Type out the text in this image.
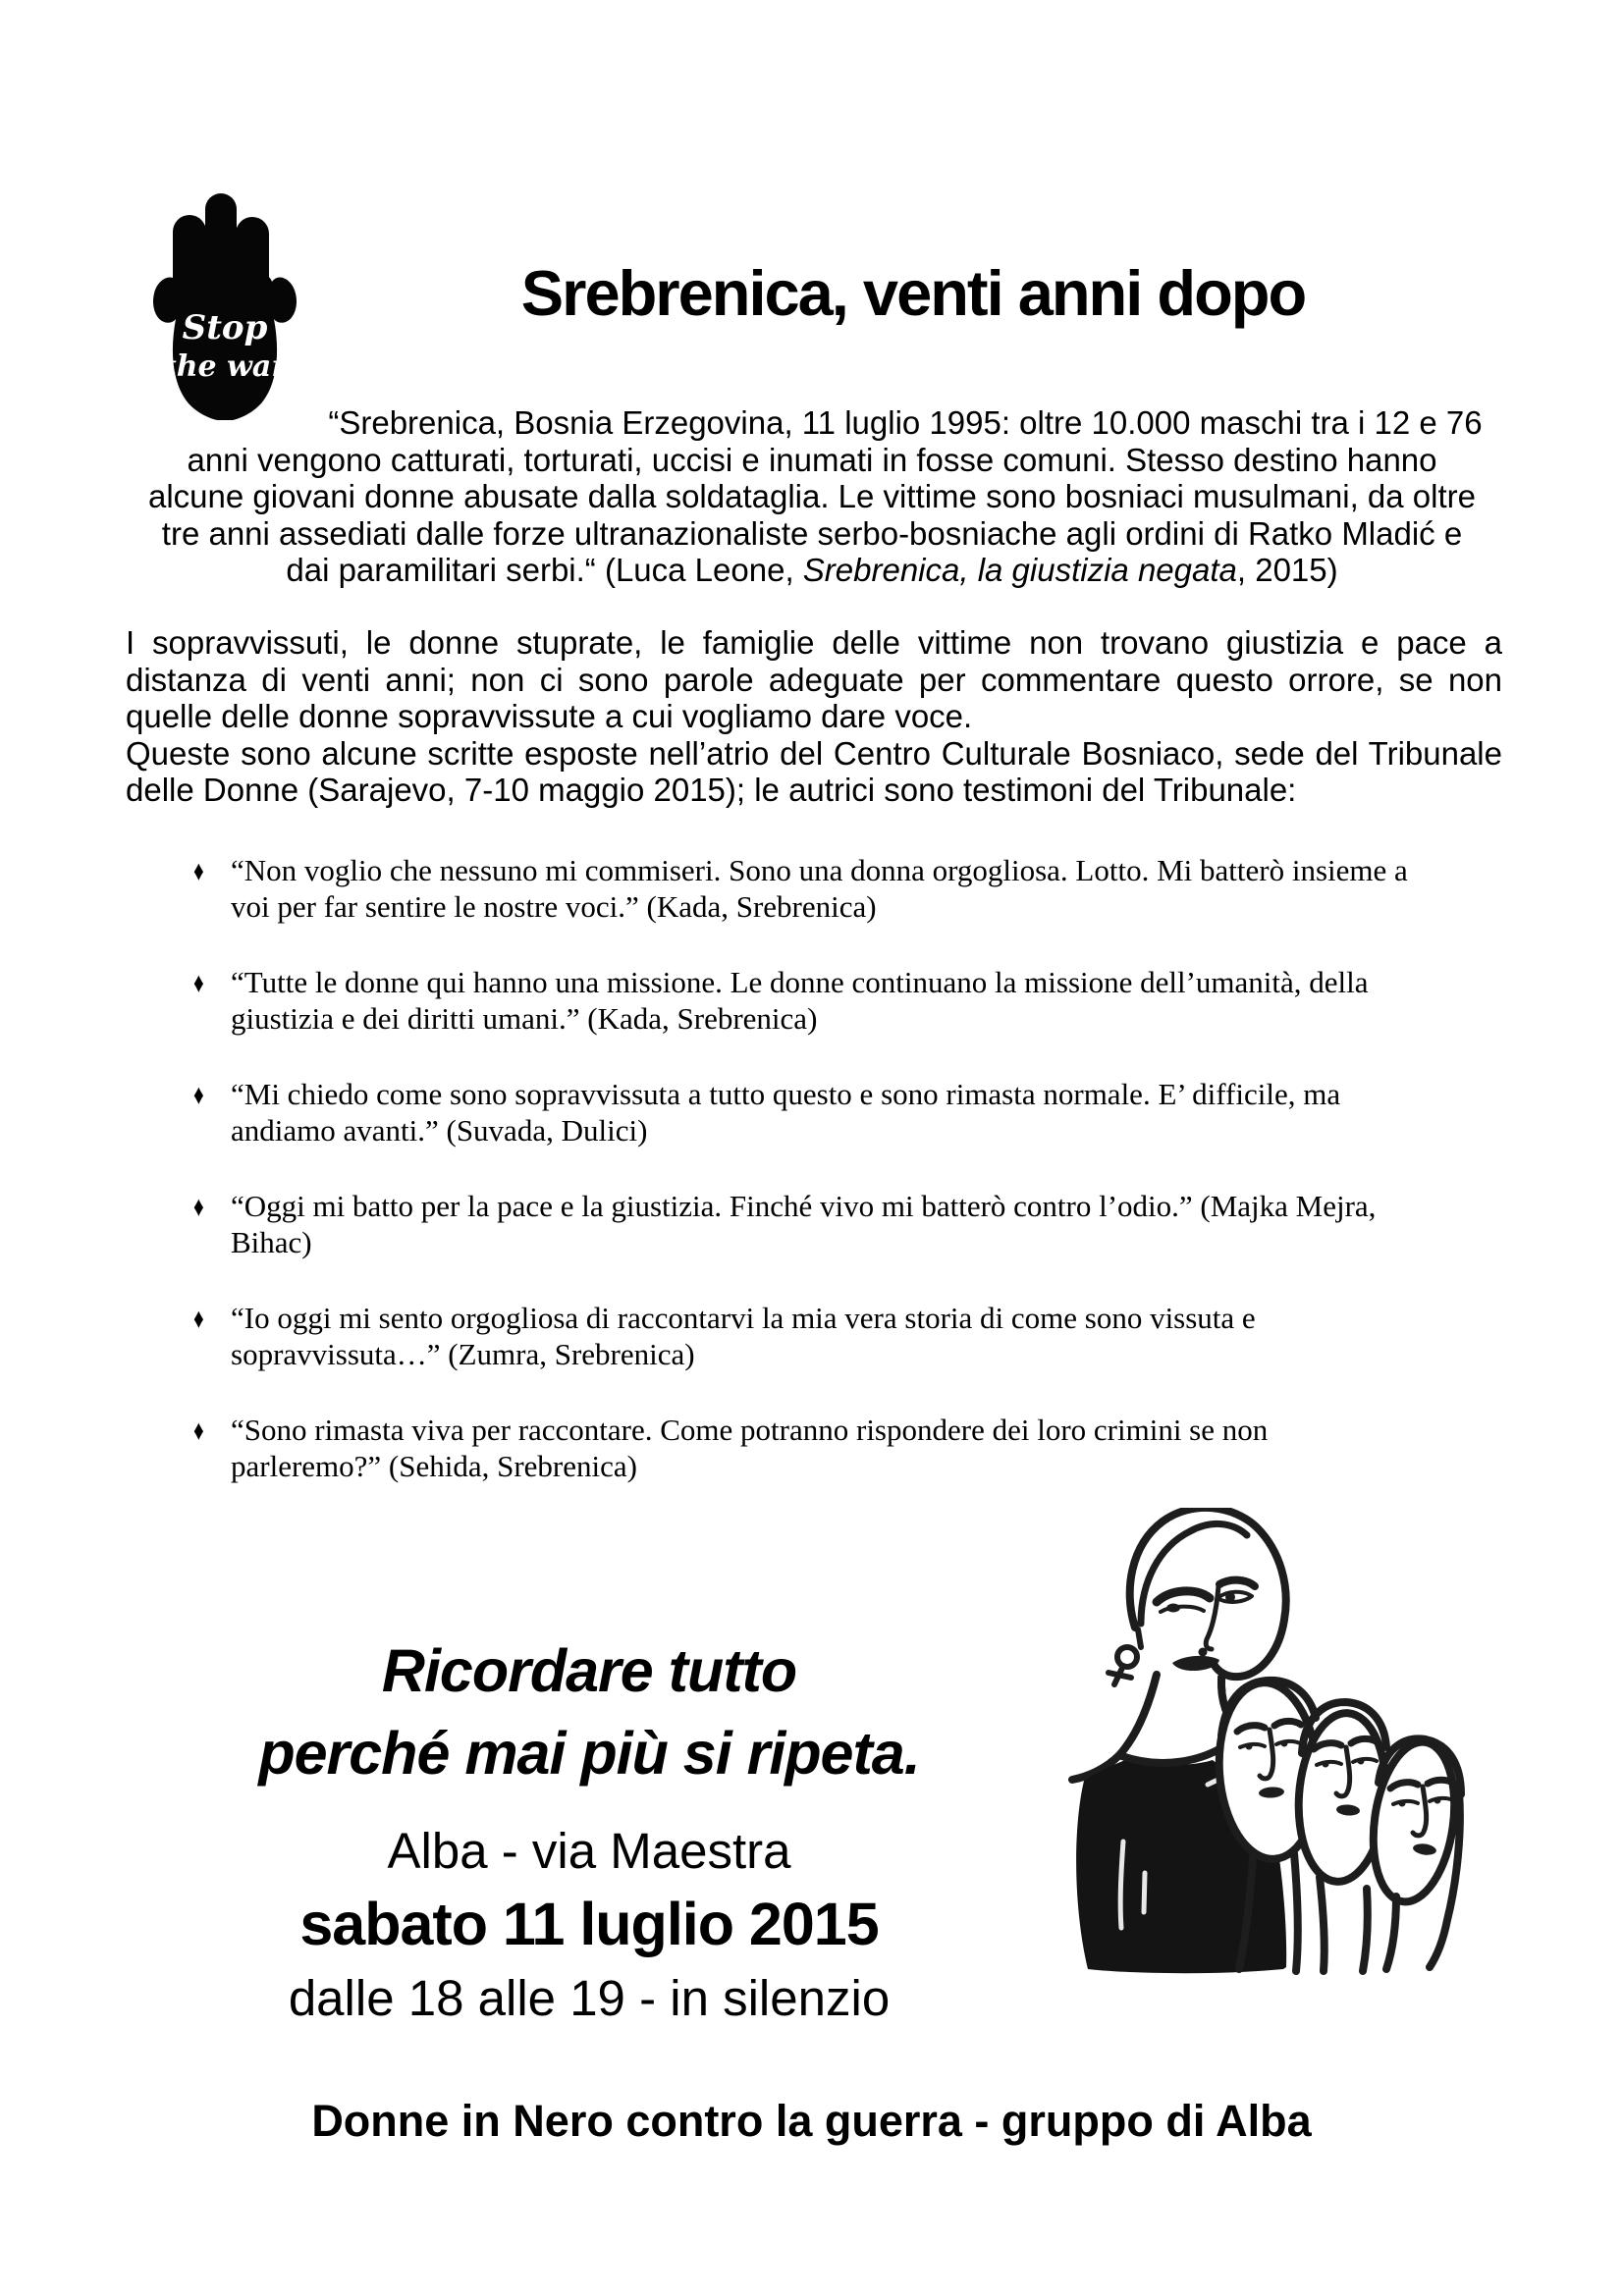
Stop
the war
Srebrenica, venti anni dopo
“Srebrenica, Bosnia Erzegovina, 11 luglio 1995: oltre 10.000 maschi tra i 12 e 76
anni vengono catturati, torturati, uccisi e inumati in fosse comuni. Stesso destino hanno
alcune giovani donne abusate dalla soldataglia. Le vittime sono bosniaci musulmani, da oltre
tre anni assediati dalle forze ultranazionaliste serbo-bosniache agli ordini di Ratko Mladić e
dai paramilitari serbi.“ (Luca Leone, Srebrenica, la giustizia negata, 2015)

I sopravvissuti, le donne stuprate, le famiglie delle vittime non trovano giustizia e pace a distanza di venti anni; non ci sono parole adeguate per commentare questo orrore, se non quelle delle donne sopravvissute a cui vogliamo dare voce.

Queste sono alcune scritte esposte nell’atrio del Centro Culturale Bosniaco, sede del Tribunale delle Donne (Sarajevo, 7-10 maggio 2015); le autrici sono testimoni del Tribunale:

♦ “Non voglio che nessuno mi commiseri. Sono una donna orgogliosa. Lotto. Mi batterò insieme a voi per far sentire le nostre voci.” (Kada, Srebrenica)
♦ “Tutte le donne qui hanno una missione. Le donne continuano la missione dell’umanità, della giustizia e dei diritti umani.” (Kada, Srebrenica)
♦ “Mi chiedo come sono sopravvissuta a tutto questo e sono rimasta normale. E’ difficile, ma andiamo avanti.” (Suvada, Dulici)
♦ “Oggi mi batto per la pace e la giustizia. Finché vivo mi batterò contro l’odio.” (Majka Mejra, Bihac)
♦ “Io oggi mi sento orgogliosa di raccontarvi la mia vera storia di come sono vissuta e sopravvissuta…” (Zumra, Srebrenica)
♦ “Sono rimasta viva per raccontare. Come potranno rispondere dei loro crimini se non parleremo?” (Sehida, Srebrenica)
Ricordare tutto
perché mai più si ripeta.
Alba - via Maestra
sabato 11 luglio 2015
dalle 18 alle 19 - in silenzio
Donne in Nero contro la guerra - gruppo di Alba
